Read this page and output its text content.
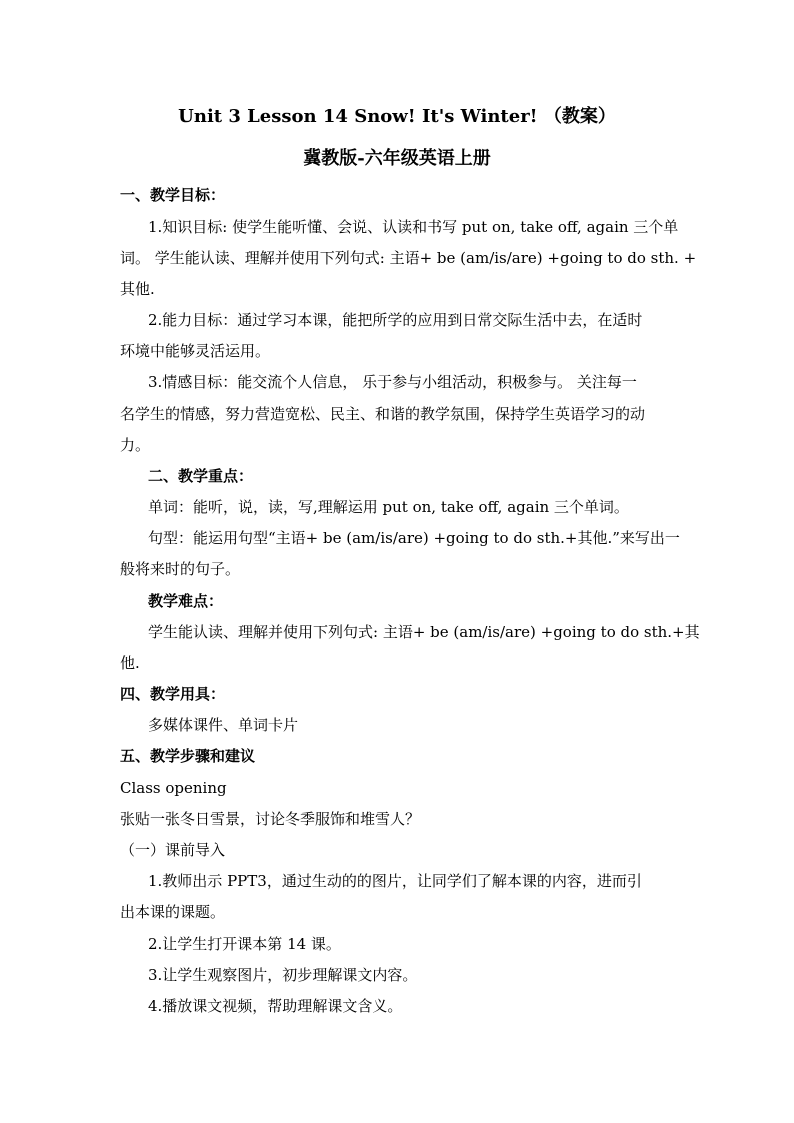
Unit 3 Lesson 14 Snow! It's Winter! （教案）
冀教版-六年级英语上册
一、教学目标：
1.知识目标: 使学生能听懂、会说、认读和书写 put on, take off, again 三个单
词。 学生能认读、理解并使用下列句式: 主语+ be (am/is/are) +going to do sth. +
其他.
2.能力目标：通过学习本课，能把所学的应用到日常交际生活中去，在适时
环境中能够灵活运用。
3.情感目标：能交流个人信息， 乐于参与小组活动，积极参与。 关注每一
名学生的情感，努力营造宽松、民主、和谐的教学氛围，保持学生英语学习的动
力。
二、教学重点：
单词：能听，说，读，写,理解运用 put on, take off, again 三个单词。
句型：能运用句型“主语+ be (am/is/are) +going to do sth.+其他.”来写出一
般将来时的句子。
教学难点：
学生能认读、理解并使用下列句式: 主语+ be (am/is/are) +going to do sth.+其
他.
四、教学用具：
多媒体课件、单词卡片
五、教学步骤和建议
Class opening
张贴一张冬日雪景，讨论冬季服饰和堆雪人？
（一）课前导入
1.教师出示 PPT3，通过生动的的图片，让同学们了解本课的内容，进而引
出本课的课题。
2.让学生打开课本第 14 课。
3.让学生观察图片，初步理解课文内容。
4.播放课文视频，帮助理解课文含义。
